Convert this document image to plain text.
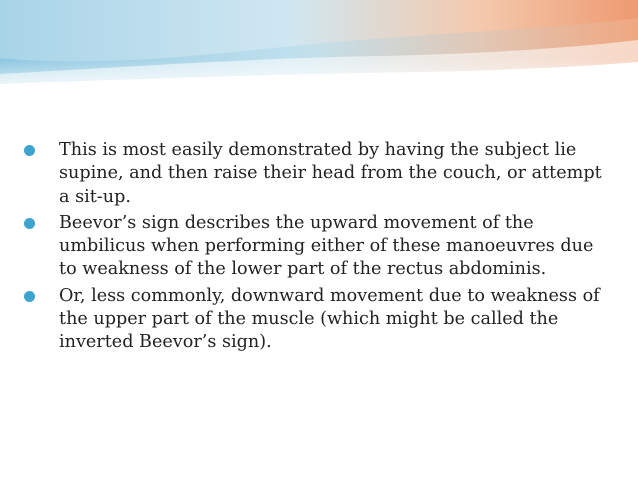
This is most easily demonstrated by having the subject lie supine, and then raise their head from the couch, or attempt a sit-up.
Beevor’s sign describes the upward movement of the umbilicus when performing either of these manoeuvres due to weakness of the lower part of the rectus abdominis.
Or, less commonly, downward movement due to weakness of the upper part of the muscle (which might be called the inverted Beevor’s sign).
